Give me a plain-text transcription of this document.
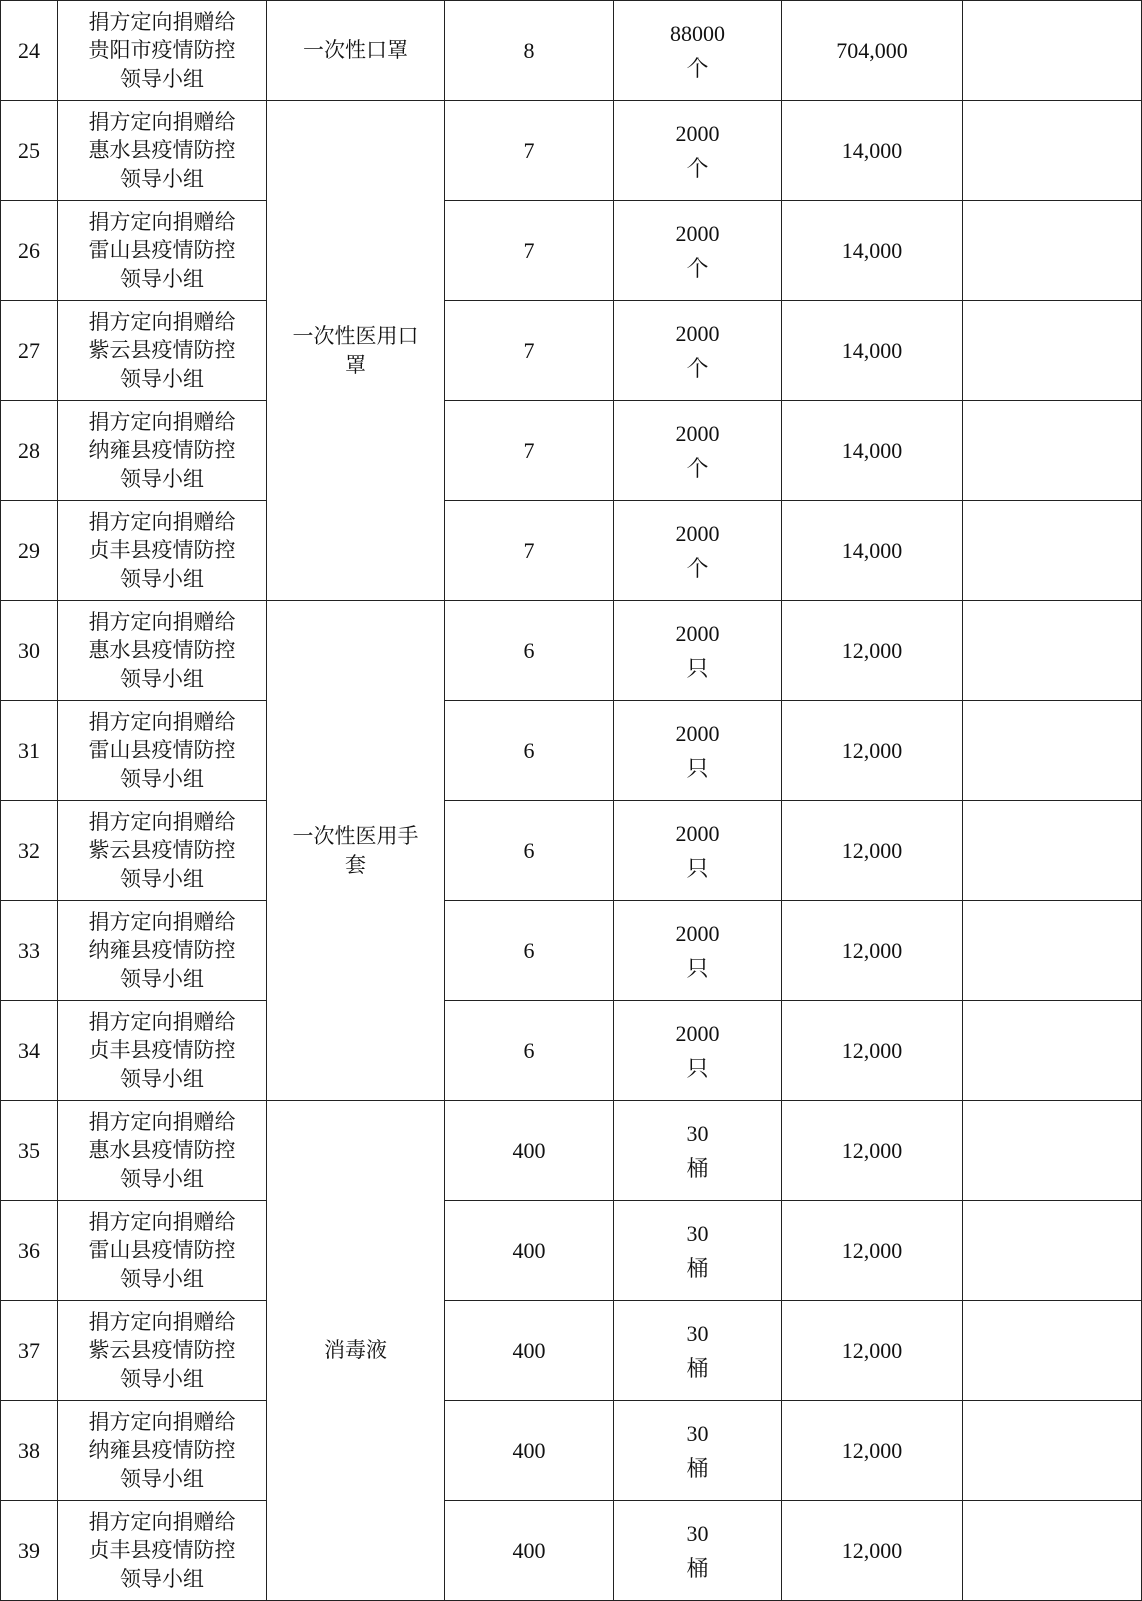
24	捐方定向捐赠给
贵阳市疫情防控
领导小组	一次性口罩	8	88000
个	704,000	
25	捐方定向捐赠给
惠水县疫情防控
领导小组	一次性医用口
罩	7	2000
个	14,000	
26	捐方定向捐赠给
雷山县疫情防控
领导小组		7	2000
个	14,000	
27	捐方定向捐赠给
紫云县疫情防控
领导小组		7	2000
个	14,000	
28	捐方定向捐赠给
纳雍县疫情防控
领导小组		7	2000
个	14,000	
29	捐方定向捐赠给
贞丰县疫情防控
领导小组		7	2000
个	14,000	
30	捐方定向捐赠给
惠水县疫情防控
领导小组	一次性医用手
套	6	2000
只	12,000	
31	捐方定向捐赠给
雷山县疫情防控
领导小组		6	2000
只	12,000	
32	捐方定向捐赠给
紫云县疫情防控
领导小组		6	2000
只	12,000	
33	捐方定向捐赠给
纳雍县疫情防控
领导小组		6	2000
只	12,000	
34	捐方定向捐赠给
贞丰县疫情防控
领导小组		6	2000
只	12,000	
35	捐方定向捐赠给
惠水县疫情防控
领导小组	消毒液	400	30
桶	12,000	
36	捐方定向捐赠给
雷山县疫情防控
领导小组		400	30
桶	12,000	
37	捐方定向捐赠给
紫云县疫情防控
领导小组		400	30
桶	12,000	
38	捐方定向捐赠给
纳雍县疫情防控
领导小组		400	30
桶	12,000	
39	捐方定向捐赠给
贞丰县疫情防控
领导小组		400	30
桶	12,000	
